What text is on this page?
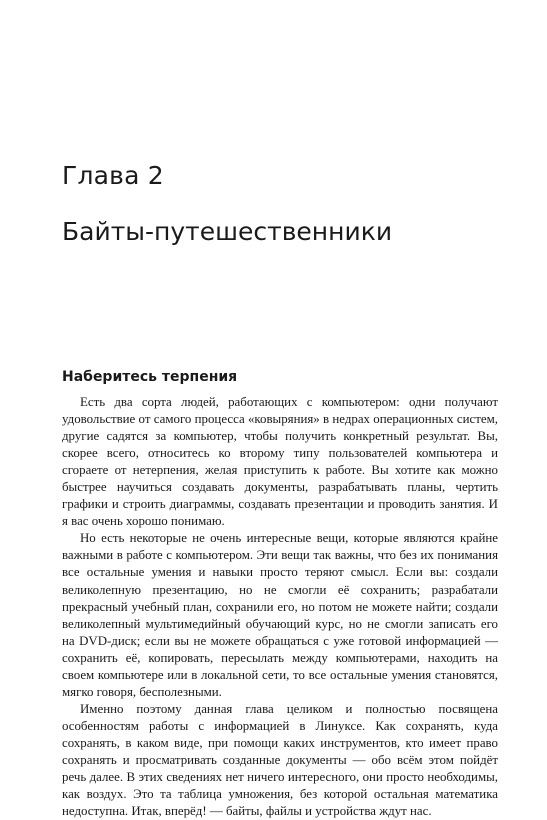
Глава 2
Байты-путешественники
Наберитесь терпения

Есть два сорта людей, работающих с компьютером: одни получают удовольствие от самого процесса «ковыряния» в недрах операционных систем, другие садятся за компьютер, чтобы получить конкретный результат. Вы, скорее всего, относитесь ко второму типу пользователей компьютера и сгораете от нетерпения, желая приступить к работе. Вы хотите как можно быстрее научиться создавать документы, разрабатывать планы, чертить графики и строить диаграммы, создавать презентации и проводить занятия. И я вас очень хорошо понимаю.

Но есть некоторые не очень интересные вещи, которые являются крайне важными в работе с компьютером. Эти вещи так важны, что без их понимания все остальные умения и навыки просто теряют смысл. Если вы: создали великолепную презентацию, но не смогли её сохранить; разрабатали прекрасный учебный план, сохранили его, но потом не можете найти; создали великолепный мультимедийный обучающий курс, но не смогли записать его на DVD-диск; если вы не можете обращаться с уже готовой информацией — сохранить её, копировать, пересылать между компьютерами, находить на своем компьютере или в локальной сети, то все остальные умения становятся, мягко говоря, бесполезными.

Именно поэтому данная глава целиком и полностью посвящена особенностям работы с информацией в Линуксе. Как сохранять, куда сохранять, в каком виде, при помощи каких инструментов, кто имеет право сохранять и просматривать созданные документы — обо всём этом пойдёт речь далее. В этих сведениях нет ничего интересного, они просто необходимы, как воздух. Это та таблица умножения, без которой остальная математика недоступна. Итак, вперёд! — байты, файлы и устройства ждут нас.
